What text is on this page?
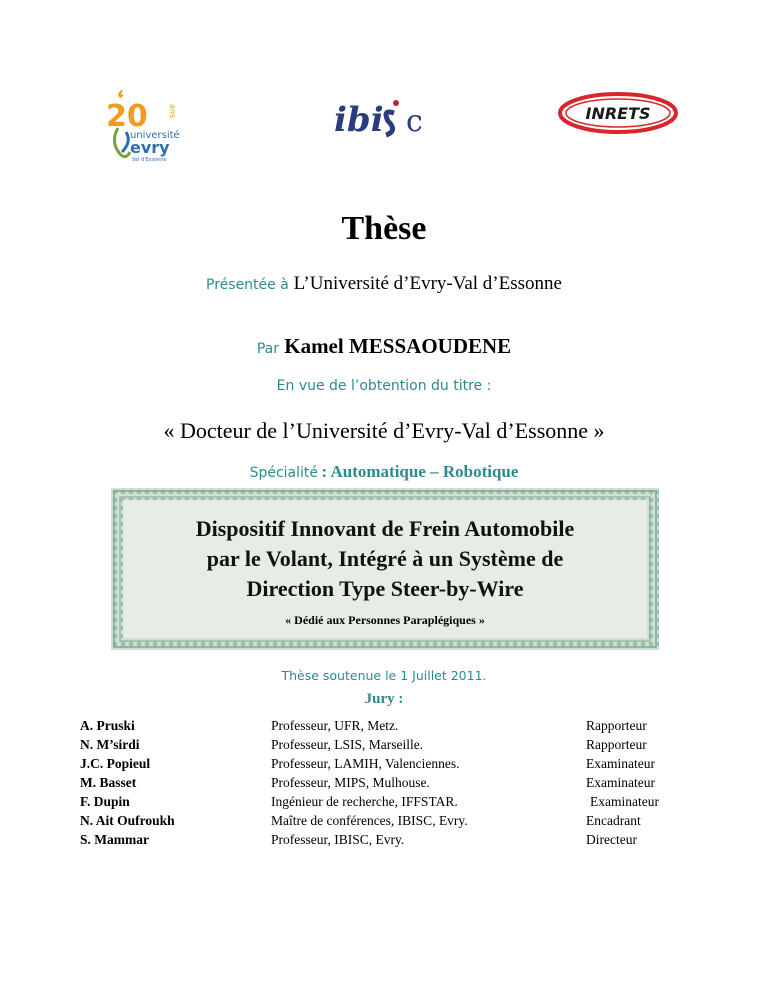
20	ans
université
evry
Val d'Essonne
ibi c	INRETS
Thèse
Présentée à L’Université d’Evry-Val d’Essonne
Par Kamel MESSAOUDENE
En vue de l’obtention du titre :
« Docteur de l’Université d’Evry-Val d’Essonne »
Spécialité : Automatique – Robotique
Dispositif Innovant de Frein Automobile
par le Volant, Intégré à un Système de
Direction Type Steer-by-Wire
« Dédié aux Personnes Paraplégiques »
Thèse soutenue le 1 Juillet 2011.
Jury :
A. Pruski	Professeur, UFR, Metz.	Rapporteur
N. M’sirdi	Professeur, LSIS, Marseille.	Rapporteur
J.C. Popieul	Professeur, LAMIH, Valenciennes.	Examinateur
M. Basset	Professeur, MIPS, Mulhouse.	Examinateur
F. Dupin	Ingénieur de recherche, IFFSTAR.	Examinateur
N. Ait Oufroukh	Maître de conférences, IBISC, Evry.	Encadrant
S. Mammar	Professeur, IBISC, Evry.	Directeur
